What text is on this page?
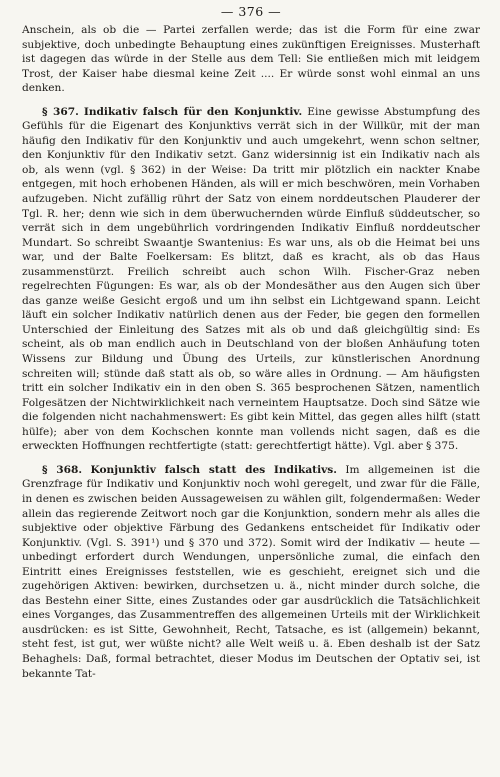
— 376 —

Anschein, als ob die — Partei zerfallen werde; das ist die Form für eine zwar subjektive, doch unbedingte Behauptung eines zukünftigen Ereignisses. Musterhaft ist dagegen das würde in der Stelle aus dem Tell: Sie entließen mich mit leidgem Trost, der Kaiser habe diesmal keine Zeit .... Er würde sonst wohl einmal an uns denken.

§ 367. Indikativ falsch für den Konjunktiv. Eine gewisse Abstumpfung des Gefühls für die Eigenart des Konjunktivs verrät sich in der Willkür, mit der man häufig den Indikativ für den Konjunktiv und auch umgekehrt, wenn schon seltner, den Konjunktiv für den Indikativ setzt. Ganz widersinnig ist ein Indikativ nach als ob, als wenn (vgl. § 362) in der Weise: Da tritt mir plötzlich ein nackter Knabe entgegen, mit hoch erhobenen Händen, als will er mich beschwören, mein Vorhaben aufzugeben. Nicht zufällig rührt der Satz von einem norddeutschen Plauderer der Tgl. R. her; denn wie sich in dem überwuchernden würde Einfluß süddeutscher, so verrät sich in dem ungebührlich vordringenden Indikativ Einfluß norddeutscher Mundart. So schreibt Swaantje Swantenius: Es war uns, als ob die Heimat bei uns war, und der Balte Foelkersam: Es blitzt, daß es kracht, als ob das Haus zusammenstürzt. Freilich schreibt auch schon Wilh. Fischer-Graz neben regelrechten Fügungen: Es war, als ob der Mondesäther aus den Augen sich über das ganze weiße Gesicht ergoß und um ihn selbst ein Lichtgewand spann. Leicht läuft ein solcher Indikativ natürlich denen aus der Feder, bie gegen den formellen Unterschied der Einleitung des Satzes mit als ob und daß gleichgültig sind: Es scheint, als ob man endlich auch in Deutschland von der bloßen Anhäufung toten Wissens zur Bildung und Übung des Urteils, zur künstlerischen Anordnung schreiten will; stünde daß statt als ob, so wäre alles in Ordnung. — Am häufigsten tritt ein solcher Indikativ ein in den oben S. 365 besprochenen Sätzen, namentlich Folgesätzen der Nichtwirklichkeit nach verneintem Hauptsatze. Doch sind Sätze wie die folgenden nicht nachahmenswert: Es gibt kein Mittel, das gegen alles hilft (statt hülfe); aber von dem Kochschen konnte man vollends nicht sagen, daß es die erweckten Hoffnungen rechtfertigte (statt: gerechtfertigt hätte). Vgl. aber § 375.

§ 368. Konjunktiv falsch statt des Indikativs. Im allgemeinen ist die Grenzfrage für Indikativ und Konjunktiv noch wohl geregelt, und zwar für die Fälle, in denen es zwischen beiden Aussageweisen zu wählen gilt, folgendermaßen: Weder allein das regierende Zeitwort noch gar die Konjunktion, sondern mehr als alles die subjektive oder objektive Färbung des Gedankens entscheidet für Indikativ oder Konjunktiv. (Vgl. S. 391¹) und § 370 und 372). Somit wird der Indikativ — heute — unbedingt erfordert durch Wendungen, unpersönliche zumal, die einfach den Eintritt eines Ereignisses feststellen, wie es geschieht, ereignet sich und die zugehörigen Aktiven: bewirken, durchsetzen u. ä., nicht minder durch solche, die das Bestehn einer Sitte, eines Zustandes oder gar ausdrücklich die Tatsächlichkeit eines Vorganges, das Zusammentreffen des allgemeinen Urteils mit der Wirklichkeit ausdrücken: es ist Sitte, Gewohnheit, Recht, Tatsache, es ist (allgemein) bekannt, steht fest, ist gut, wer wüßte nicht? alle Welt weiß u. ä. Eben deshalb ist der Satz Behaghels: Daß, formal betrachtet, dieser Modus im Deutschen der Optativ sei, ist bekannte Tat-
